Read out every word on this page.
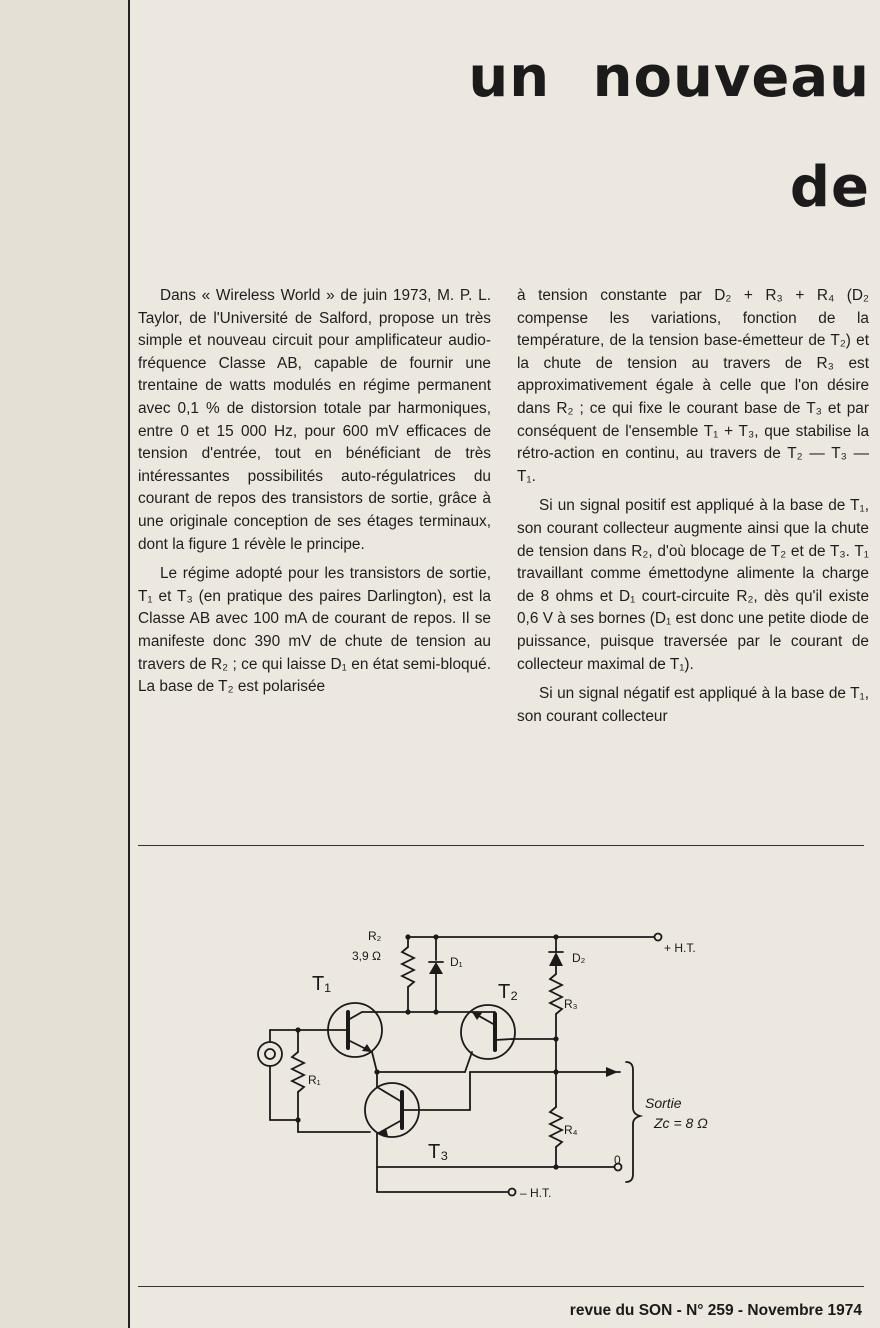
un nouveau
de

Dans « Wireless World » de juin 1973, M. P. L. Taylor, de l'Université de Salford, propose un très simple et nouveau circuit pour amplificateur audio-fréquence Classe AB, capable de fournir une trentaine de watts modulés en régime permanent avec 0,1 % de distorsion totale par harmoniques, entre 0 et 15 000 Hz, pour 600 mV efficaces de tension d'entrée, tout en bénéficiant de très intéressantes possibilités auto-régulatrices du courant de repos des transistors de sortie, grâce à une originale conception de ses étages terminaux, dont la figure 1 révèle le principe.

Le régime adopté pour les transistors de sortie, T₁ et T₃ (en pratique des paires Darlington), est la Classe AB avec 100 mA de courant de repos. Il se manifeste donc 390 mV de chute de tension au travers de R₂ ; ce qui laisse D₁ en état semi-bloqué. La base de T₂ est polarisée

à tension constante par D₂ + R₃ + R₄ (D₂ compense les variations, fonction de la température, de la tension base-émetteur de T₂) et la chute de tension au travers de R₃ est approximativement égale à celle que l'on désire dans R₂ ; ce qui fixe le courant base de T₃ et par conséquent de l'ensemble T₁ + T₃, que stabilise la rétro-action en continu, au travers de T₂ — T₃ — T₁.

Si un signal positif est appliqué à la base de T₁, son courant collecteur augmente ainsi que la chute de tension dans R₂, d'où blocage de T₂ et de T₃. T₁ travaillant comme émettodyne alimente la charge de 8 ohms et D₁ court-circuite R₂, dès qu'il existe 0,6 V à ses bornes (D₁ est donc une petite diode de puissance, puisque traversée par le courant de collecteur maximal de T₁).

Si un signal négatif est appliqué à la base de T₁, son courant collecteur

R₂
3,9 Ω	D₁	D₂
R₃
R₄
R₁
+ H.T.
– H.T.
0
T₁	T₂
T₃
Sortie
Zc = 8 Ω

revue du SON - N° 259 - Novembre 1974
